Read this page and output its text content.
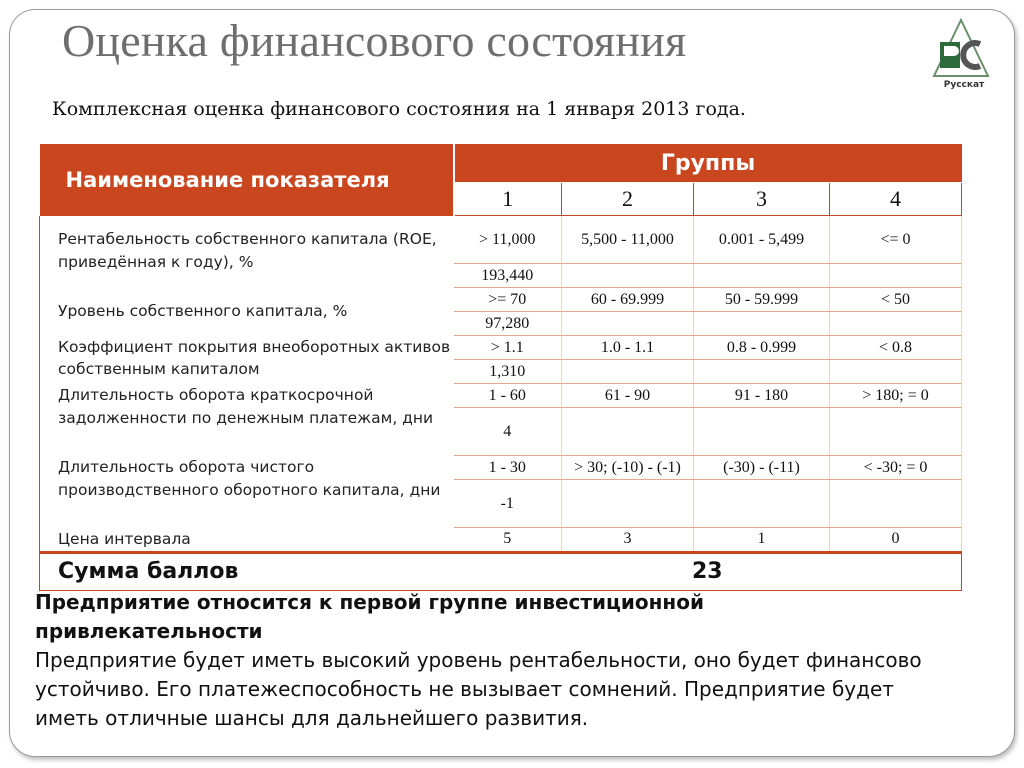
Оценка финансового состояния
Русскат

Комплексная оценка финансового состояния на 1 января 2013 года.

Наименование показателя	Группы			
	1	2	3	4
Рентабельность собственного капитала (ROE, приведённая к году), %	> 11,000	5,500 - 11,000	0.001 - 5,499	<= 0
	193,440			
Уровень собственного капитала, %	>= 70	60 - 69.999	50 - 59.999	< 50
	97,280			
Коэффициент покрытия внеоборотных активов собственным капиталом	> 1.1	1.0 - 1.1	0.8 - 0.999	< 0.8
	1,310			
Длительность оборота краткосрочной задолженности по денежным платежам, дни	1 - 60	61 - 90	91 - 180	> 180; = 0
	4			
Длительность оборота чистого производственного оборотного капитала, дни	1 - 30	> 30; (-10) - (-1)	(-30) - (-11)	< -30; = 0
	-1			
Цена интервала	5	3	1	0
Сумма баллов	23			

Предприятие относится к первой группе инвестиционной привлекательности
Предприятие будет иметь высокий уровень рентабельности, оно будет финансово устойчиво. Его платежеспособность не вызывает сомнений. Предприятие будет иметь отличные шансы для дальнейшего развития.
